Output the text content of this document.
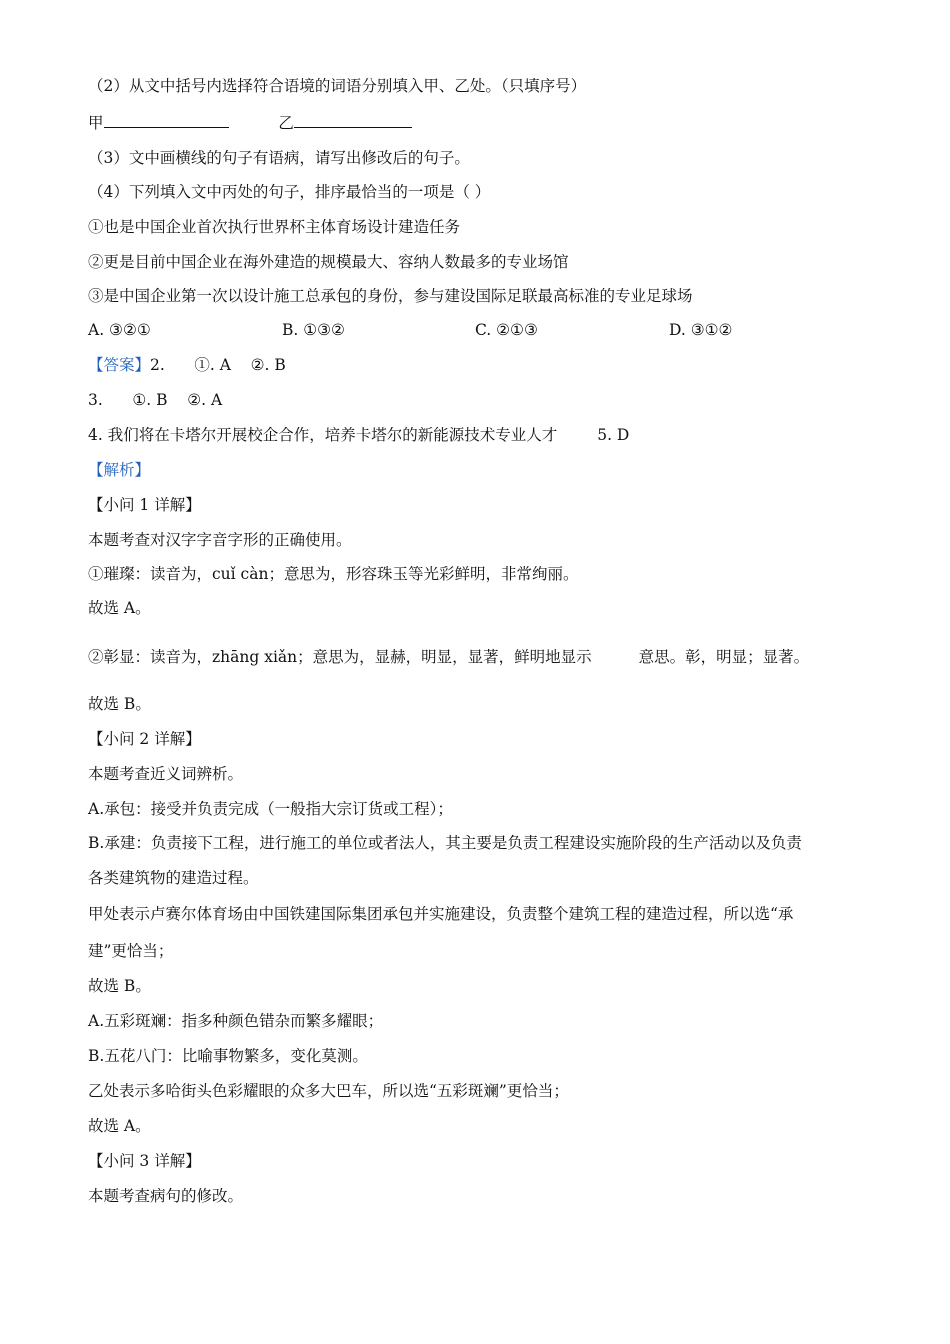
（2）从文中括号内选择符合语境的词语分别填入甲、乙处。（只填序号）
甲	乙
（3）文中画横线的句子有语病，请写出修改后的句子。
（4）下列填入文中丙处的句子，排序最恰当的一项是（ ）
①也是中国企业首次执行世界杯主体育场设计建造任务
②更是目前中国企业在海外建造的规模最大、容纳人数最多的专业场馆
③是中国企业第一次以设计施工总承包的身份，参与建设国际足联最高标准的专业足球场
A. ③②①	B. ①③②	C. ②①③	D. ③①②
【答案】2.      ①. A    ②. B
3.      ①. B    ②. A
4. 我们将在卡塔尔开展校企合作，培养卡塔尔的新能源技术专业人才	5. D
【解析】
【小问 1 详解】
本题考查对汉字字音字形的正确使用。
①璀璨：读音为，cuǐ càn；意思为，形容珠玉等光彩鲜明，非常绚丽。
故选 A。
②彰显：读音为，zhāng xiǎn；意思为，显赫，明显，显著，鲜明地显示	意思。彰，明显；显著。
故选 B。
【小问 2 详解】
本题考查近义词辨析。
A.承包：接受并负责完成（一般指大宗订货或工程）；
B.承建：负责接下工程，进行施工的单位或者法人，其主要是负责工程建设实施阶段的生产活动以及负责
各类建筑物的建造过程。
甲处表示卢赛尔体育场由中国铁建国际集团承包并实施建设，负责整个建筑工程的建造过程，所以选“承
建”更恰当；
故选 B。
A.五彩斑斓：指多种颜色错杂而繁多耀眼；
B.五花八门：比喻事物繁多，变化莫测。
乙处表示多哈街头色彩耀眼的众多大巴车，所以选“五彩斑斓”更恰当；
故选 A。
【小问 3 详解】
本题考查病句的修改。
